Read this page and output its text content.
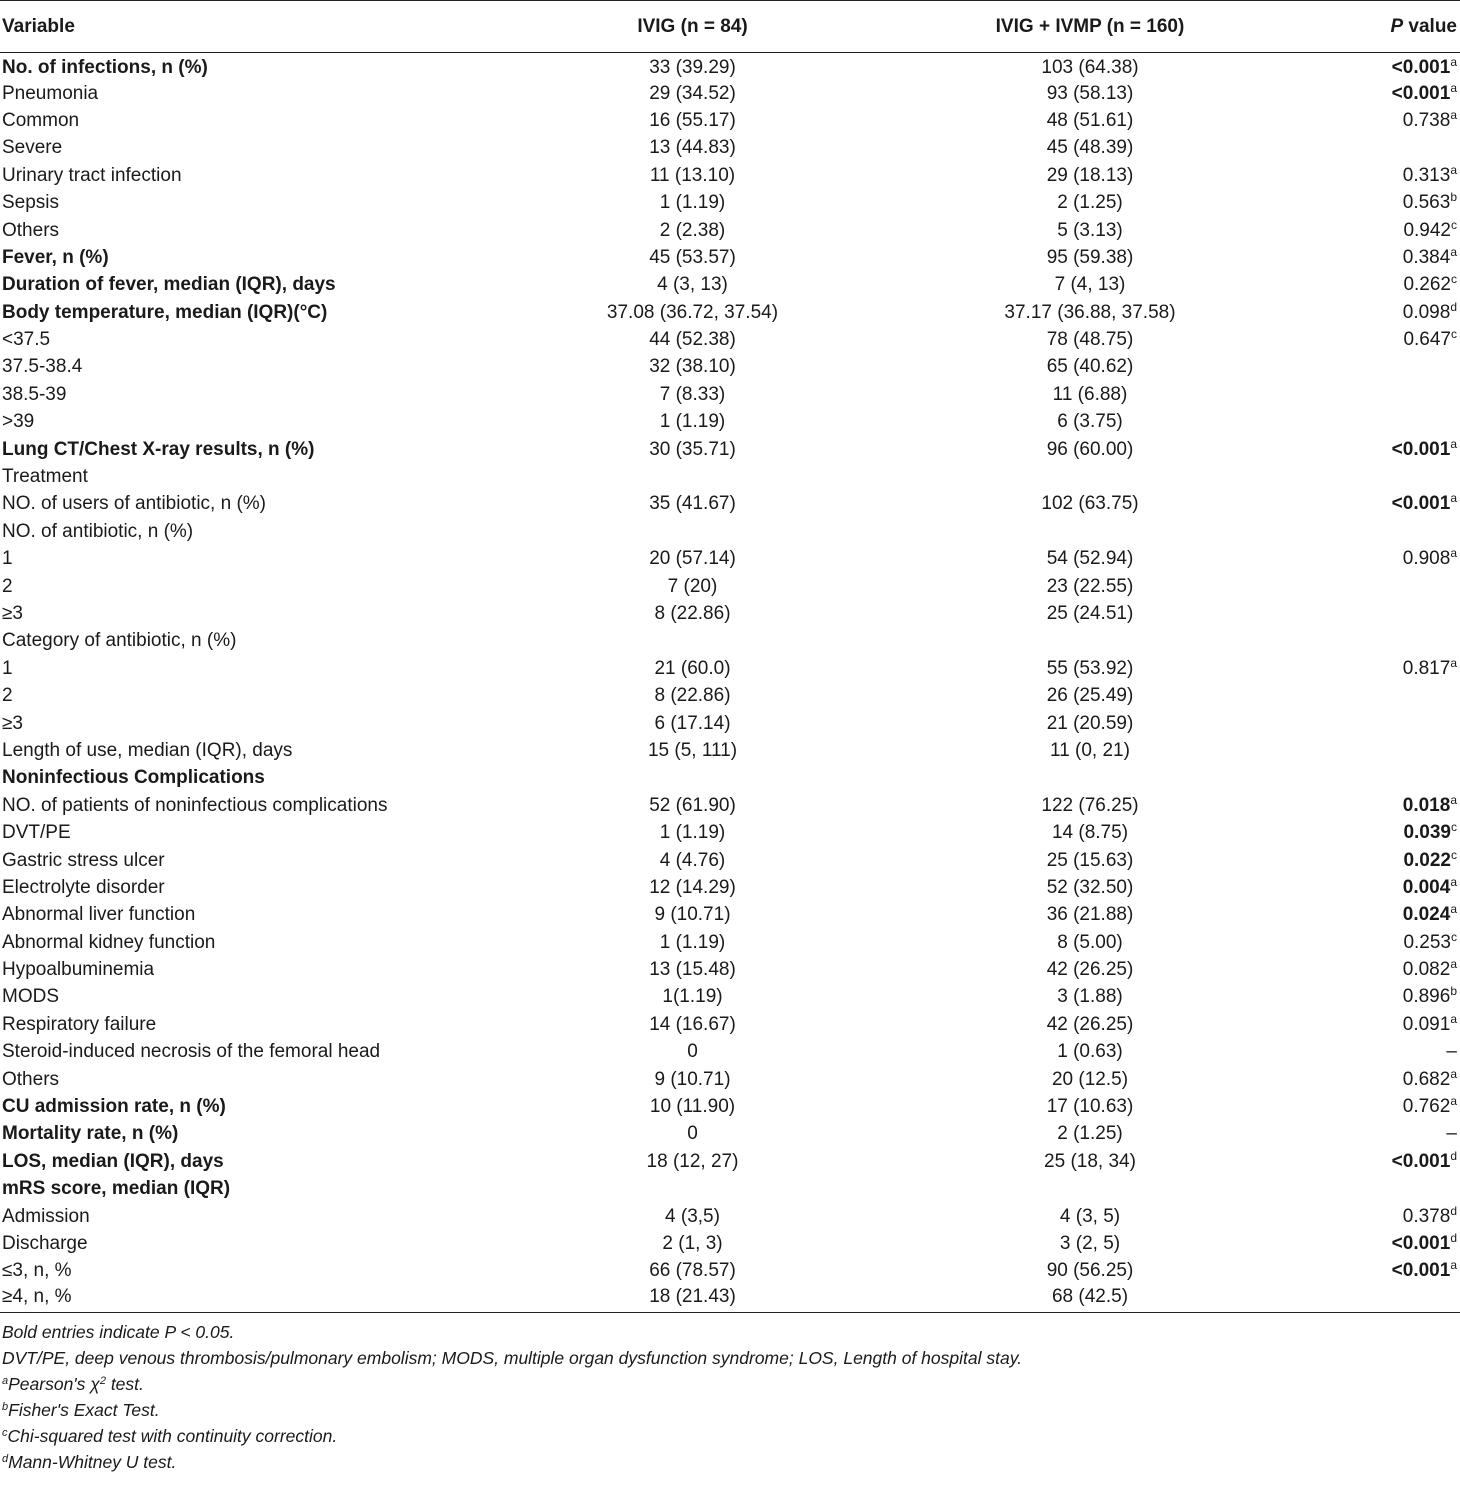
Variable	IVIG (n = 84)	IVIG + IVMP (n = 160)	P value
No. of infections, n (%)	33 (39.29)	103 (64.38)	<0.001$^a$
Pneumonia	29 (34.52)	93 (58.13)	<0.001$^a$
Common	16 (55.17)	48 (51.61)	0.738$^a$
Severe	13 (44.83)	45 (48.39)	
Urinary tract infection	11 (13.10)	29 (18.13)	0.313$^a$
Sepsis	1 (1.19)	2 (1.25)	0.563$^b$
Others	2 (2.38)	5 (3.13)	0.942$^c$
Fever, n (%)	45 (53.57)	95 (59.38)	0.384$^a$
Duration of fever, median (IQR), days	4 (3, 13)	7 (4, 13)	0.262$^c$
Body temperature, median (IQR)(°C)	37.08 (36.72, 37.54)	37.17 (36.88, 37.58)	0.098$^d$
<37.5	44 (52.38)	78 (48.75)	0.647$^c$
37.5-38.4	32 (38.10)	65 (40.62)	
38.5-39	7 (8.33)	11 (6.88)	
>39	1 (1.19)	6 (3.75)	
Lung CT/Chest X-ray results, n (%)	30 (35.71)	96 (60.00)	<0.001$^a$
Treatment			
NO. of users of antibiotic, n (%)	35 (41.67)	102 (63.75)	<0.001$^a$
NO. of antibiotic, n (%)			
1	20 (57.14)	54 (52.94)	0.908$^a$
2	7 (20)	23 (22.55)	
≥3	8 (22.86)	25 (24.51)	
Category of antibiotic, n (%)			
1	21 (60.0)	55 (53.92)	0.817$^a$
2	8 (22.86)	26 (25.49)	
≥3	6 (17.14)	21 (20.59)	
Length of use, median (IQR), days	15 (5, 111)	11 (0, 21)	
Noninfectious Complications			
NO. of patients of noninfectious complications	52 (61.90)	122 (76.25)	0.018$^a$
DVT/PE	1 (1.19)	14 (8.75)	0.039$^c$
Gastric stress ulcer	4 (4.76)	25 (15.63)	0.022$^c$
Electrolyte disorder	12 (14.29)	52 (32.50)	0.004$^a$
Abnormal liver function	9 (10.71)	36 (21.88)	0.024$^a$
Abnormal kidney function	1 (1.19)	8 (5.00)	0.253$^c$
Hypoalbuminemia	13 (15.48)	42 (26.25)	0.082$^a$
MODS	1(1.19)	3 (1.88)	0.896$^b$
Respiratory failure	14 (16.67)	42 (26.25)	0.091$^a$
Steroid-induced necrosis of the femoral head	0	1 (0.63)	–
Others	9 (10.71)	20 (12.5)	0.682$^a$
CU admission rate, n (%)	10 (11.90)	17 (10.63)	0.762$^a$
Mortality rate, n (%)	0	2 (1.25)	–
LOS, median (IQR), days	18 (12, 27)	25 (18, 34)	<0.001$^d$
mRS score, median (IQR)			
Admission	4 (3,5)	4 (3, 5)	0.378$^d$
Discharge	2 (1, 3)	3 (2, 5)	<0.001$^d$
≤3, n, %	66 (78.57)	90 (56.25)	<0.001$^a$
≥4, n, %	18 (21.43)	68 (42.5)	
Bold entries indicate P < 0.05.
DVT/PE, deep venous thrombosis/pulmonary embolism; MODS, multiple organ dysfunction syndrome; LOS, Length of hospital stay.
$^a$Pearson's $\chi^2$ test.
$^b$Fisher's Exact Test.
$^c$Chi-squared test with continuity correction.
$^d$Mann-Whitney U test.
